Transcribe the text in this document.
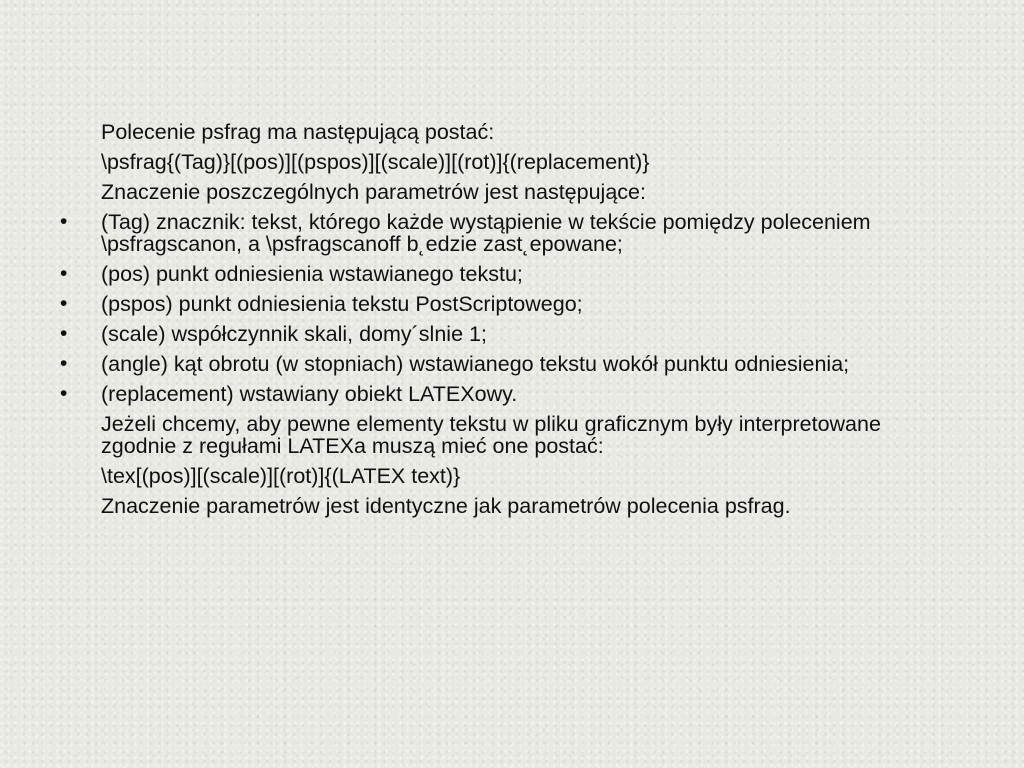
Polecenie psfrag ma następującą postać:
\psfrag{(Tag)}[(pos)][(pspos)][(scale)][(rot)]{(replacement)}
Znaczenie poszczególnych parametrów jest następujące:
• (Tag) znacznik: tekst, którego każde wystąpienie w tekście pomiędzy poleceniem \psfragscanon, a \psfragscanoff b˛edzie zast˛epowane;
• (pos) punkt odniesienia wstawianego tekstu;
• (pspos) punkt odniesienia tekstu PostScriptowego;
• (scale) współczynnik skali, domy´slnie 1;
• (angle) kąt obrotu (w stopniach) wstawianego tekstu wokół punktu odniesienia;
• (replacement) wstawiany obiekt LATEXowy.
Jeżeli chcemy, aby pewne elementy tekstu w pliku graficznym były interpretowane zgodnie z regułami LATEXa muszą mieć one postać:
\tex[(pos)][(scale)][(rot)]{(LATEX text)}
Znaczenie parametrów jest identyczne jak parametrów polecenia psfrag.
